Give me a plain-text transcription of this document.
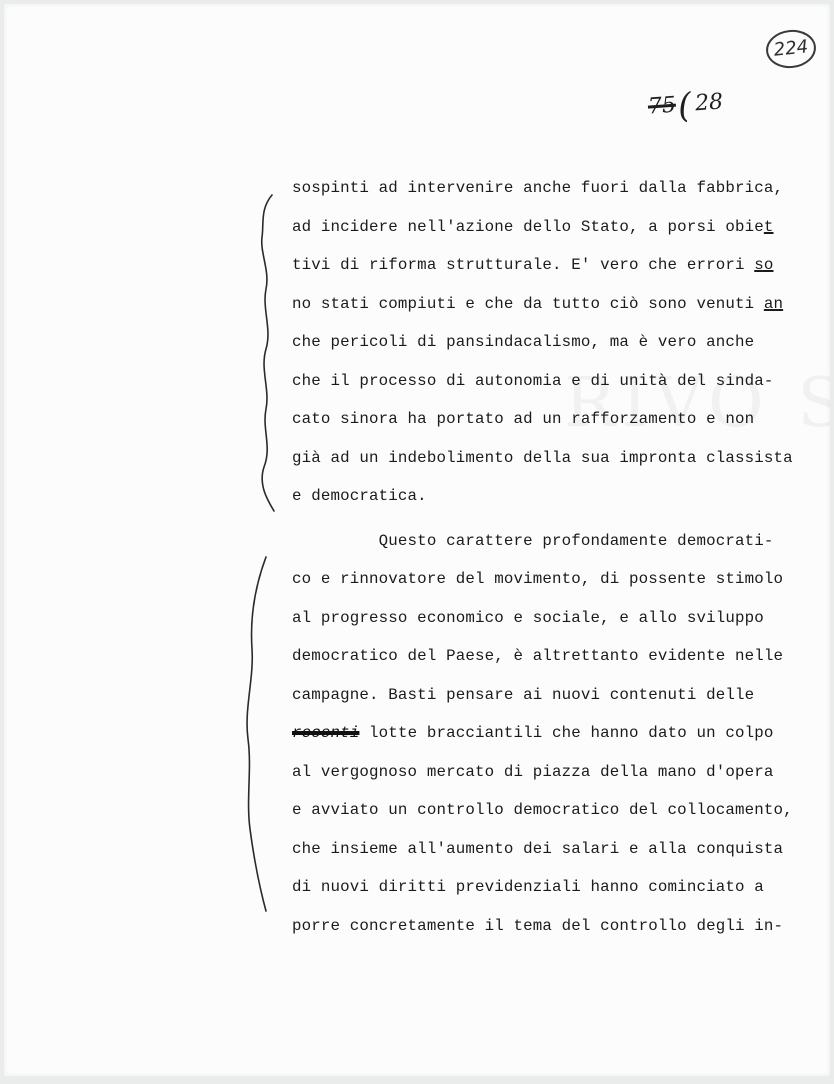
224
75(28
sospinti ad intervenire anche fuori dalla fabbrica,
ad incidere nell'azione dello Stato, a porsi obiet
tivi di riforma strutturale. E' vero che errori so
no stati compiuti e che da tutto ciò sono venuti an
che pericoli di pansindacalismo, ma è vero anche
che il processo di autonomia e di unità del sinda-
cato sinora ha portato ad un rafforzamento e non
già ad un indebolimento della sua impronta classista
e democratica.
Questo carattere profondamente democrati-
co e rinnovatore del movimento, di possente stimolo
al progresso economico e sociale, e allo sviluppo
democratico del Paese, è altrettanto evidente nelle
campagne. Basti pensare ai nuovi contenuti delle
recenti lotte bracciantili che hanno dato un colpo
al vergognoso mercato di piazza della mano d'opera
e avviato un controllo democratico del collocamento,
che insieme all'aumento dei salari e alla conquista
di nuovi diritti previdenziali hanno cominciato a
porre concretamente il tema del controllo degli in-
